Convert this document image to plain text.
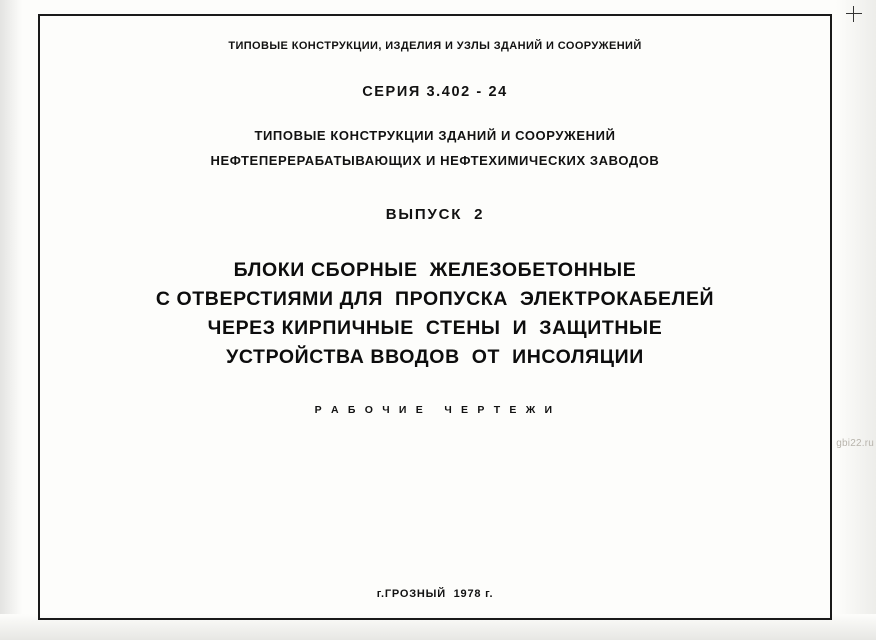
ТИПОВЫЕ КОНСТРУКЦИИ, ИЗДЕЛИЯ И УЗЛЫ ЗДАНИЙ И СООРУЖЕНИЙ
СЕРИЯ 3.402 - 24
ТИПОВЫЕ КОНСТРУКЦИИ ЗДАНИЙ И СООРУЖЕНИЙ
НЕФТЕПЕРЕРАБАТЫВАЮЩИХ И НЕФТЕХИМИЧЕСКИХ ЗАВОДОВ
ВЫПУСК  2
БЛОКИ СБОРНЫЕ  ЖЕЛЕЗОБЕТОННЫЕ
С ОТВЕРСТИЯМИ ДЛЯ  ПРОПУСКА  ЭЛЕКТРОКАБЕЛЕЙ
ЧЕРЕЗ КИРПИЧНЫЕ  СТЕНЫ  И  ЗАЩИТНЫЕ
УСТРОЙСТВА ВВОДОВ  ОТ  ИНСОЛЯЦИИ
Р А Б О Ч И Е   Ч Е Р Т Е Ж И
г.ГРОЗНЫЙ  1978 г.
gbi22.ru
